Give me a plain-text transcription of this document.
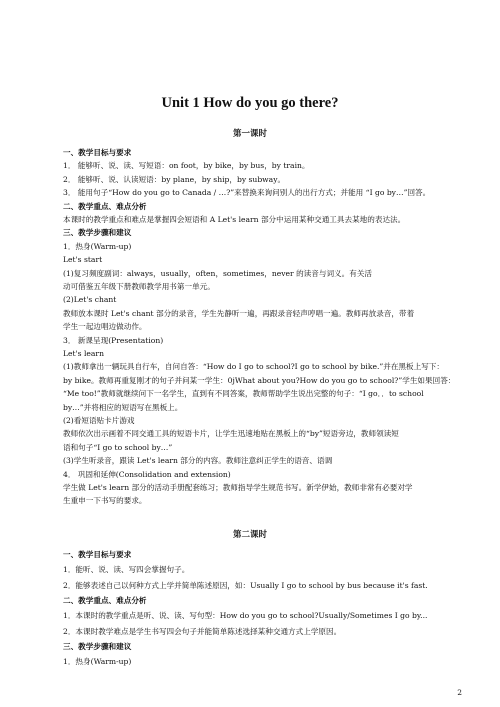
Unit 1 How do you go there?
第一课时
一、教学目标与要求
1． 能够听、说、读、写短语：on foot，by bike，by bus，by train。
2． 能够听、说、认读短语：by plane，by ship，by subway。
3． 能用句子“How do you go to Canada / …?”来替换来询问别人的出行方式；并能用 “I go by…”回答。
二、教学重点、难点分析
本课时的教学重点和难点是掌握四会短语和 A Let's learn 部分中运用某种交通工具去某地的表达法。
三、教学步骤和建议
1．热身(Warm-up)
Let's start
(1)复习频度副词：always，usually，often，sometimes，never 的读音与词义。有关活
动可借鉴五年级下册教师教学用书第一单元。
(2)Let's chant
教师放本课时 Let's chant 部分的录音，学生先静听一遍，再跟录音轻声哼唱一遍。教师再放录音，带着
学生一起边唱边做动作。
3． 新课呈现(Presentation)
Let's learn
(1)教师拿出一辆玩具自行车，自问自答：“How do I go to school?I go to school by bike.”并在黑板上写下：
by bike。教师再重复刚才的句子并问某一学生：0jWhat about you?How do you go to school?”学生如果回答：
“Me too!”教师就继续问下一名学生，直到有不同答案，教师帮助学生说出完整的句子：“I go．．to school
by…”并将相应的短语写在黑板上。
(2)看短语贴卡片游戏
教师依次出示画着不同交通工具的短语卡片，让学生迅速地贴在黑板上的“by”短语旁边，教师领读短
语和句子“I go to school by…”
(3)学生听录音，跟读 Let's learn 部分的内容。教师注意纠正学生的语音、语调
4． 巩固和延伸(Consolidation and extension)
学生做 Let's learn 部分的活动手册配套练习；教师指导学生规范书写。新学伊始，教师非常有必要对学
生重申一下书写的要求。
第二课时
一、教学目标与要求
1．能听、说、读、写四会掌握句子。
2．能够表述自己以何种方式上学并简单陈述原因，如：Usually I go to school by bus because it's fast.
二、教学重点、难点分析
1．本课时的教学重点是听、说、读、写句型：How do you go to school?Usually/Sometimes I go by...
2．本课时教学难点是学生书写四会句子并能简单陈述选择某种交通方式上学原因。
三、教学步骤和建议
1．热身(Warm-up)
2
